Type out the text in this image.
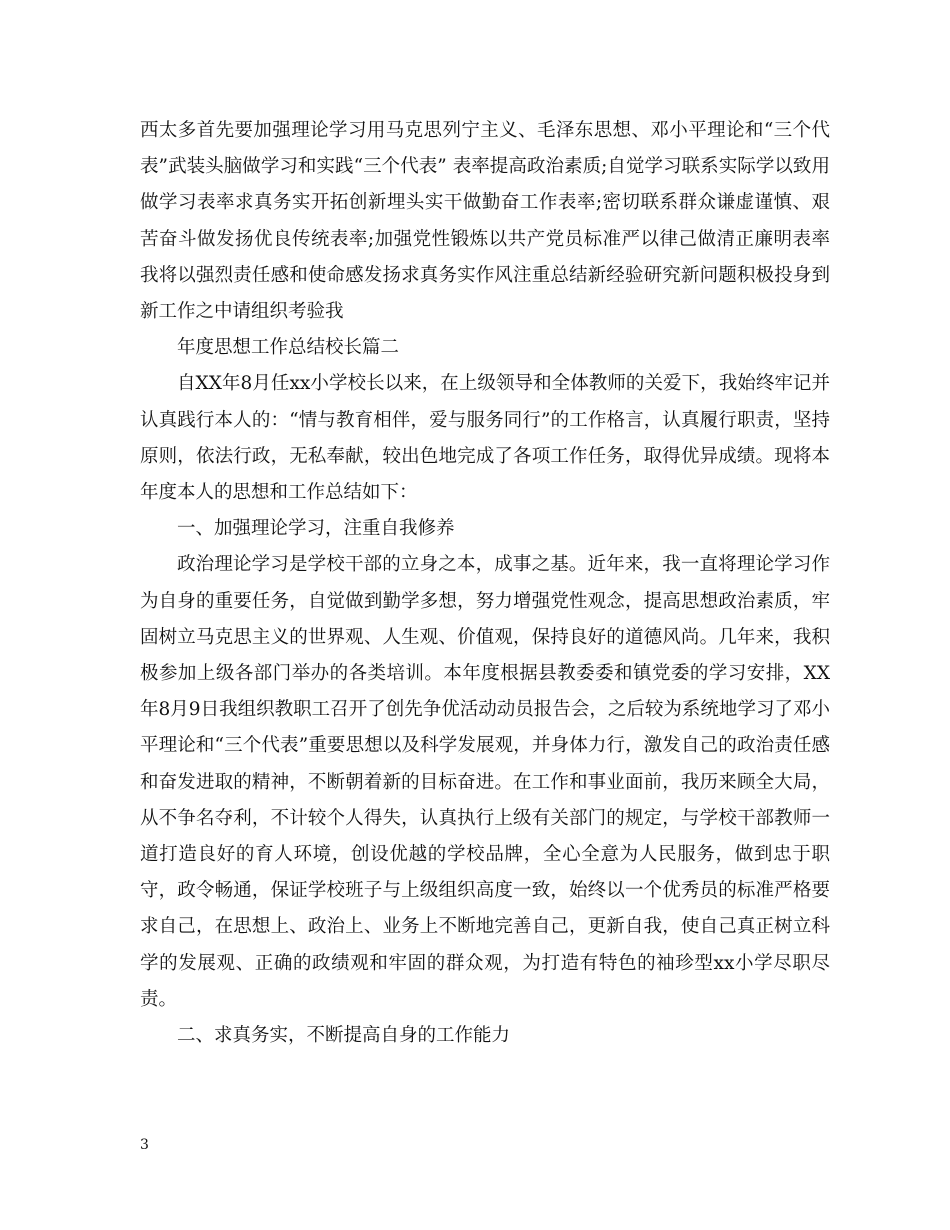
西太多首先要加强理论学习用马克思列宁主义、毛泽东思想、邓小平理论和“三个代表”武装头脑做学习和实践“三个代表” 表率提高政治素质;自觉学习联系实际学以致用做学习表率求真务实开拓创新埋头实干做勤奋工作表率;密切联系群众谦虚谨慎、艰苦奋斗做发扬优良传统表率;加强党性锻炼以共产党员标准严以律己做清正廉明表率我将以强烈责任感和使命感发扬求真务实作风注重总结新经验研究新问题积极投身到新工作之中请组织考验我

年度思想工作总结校长篇二

自XX年8月任xx小学校长以来，在上级领导和全体教师的关爱下，我始终牢记并认真践行本人的：“情与教育相伴，爱与服务同行”的工作格言，认真履行职责，坚持原则，依法行政，无私奉献，较出色地完成了各项工作任务，取得优异成绩。现将本年度本人的思想和工作总结如下：

一、加强理论学习，注重自我修养

政治理论学习是学校干部的立身之本，成事之基。近年来，我一直将理论学习作为自身的重要任务，自觉做到勤学多想，努力增强党性观念，提高思想政治素质，牢固树立马克思主义的世界观、人生观、价值观，保持良好的道德风尚。几年来，我积极参加上级各部门举办的各类培训。本年度根据县教委委和镇党委的学习安排，XX年8月9日我组织教职工召开了创先争优活动动员报告会，之后较为系统地学习了邓小平理论和“三个代表”重要思想以及科学发展观，并身体力行，激发自己的政治责任感和奋发进取的精神，不断朝着新的目标奋进。在工作和事业面前，我历来顾全大局，从不争名夺利，不计较个人得失，认真执行上级有关部门的规定，与学校干部教师一道打造良好的育人环境，创设优越的学校品牌，全心全意为人民服务，做到忠于职守，政令畅通，保证学校班子与上级组织高度一致，始终以一个优秀员的标准严格要求自己，在思想上、政治上、业务上不断地完善自己，更新自我，使自己真正树立科学的发展观、正确的政绩观和牢固的群众观，为打造有特色的袖珍型xx小学尽职尽责。

二、求真务实，不断提高自身的工作能力

3
